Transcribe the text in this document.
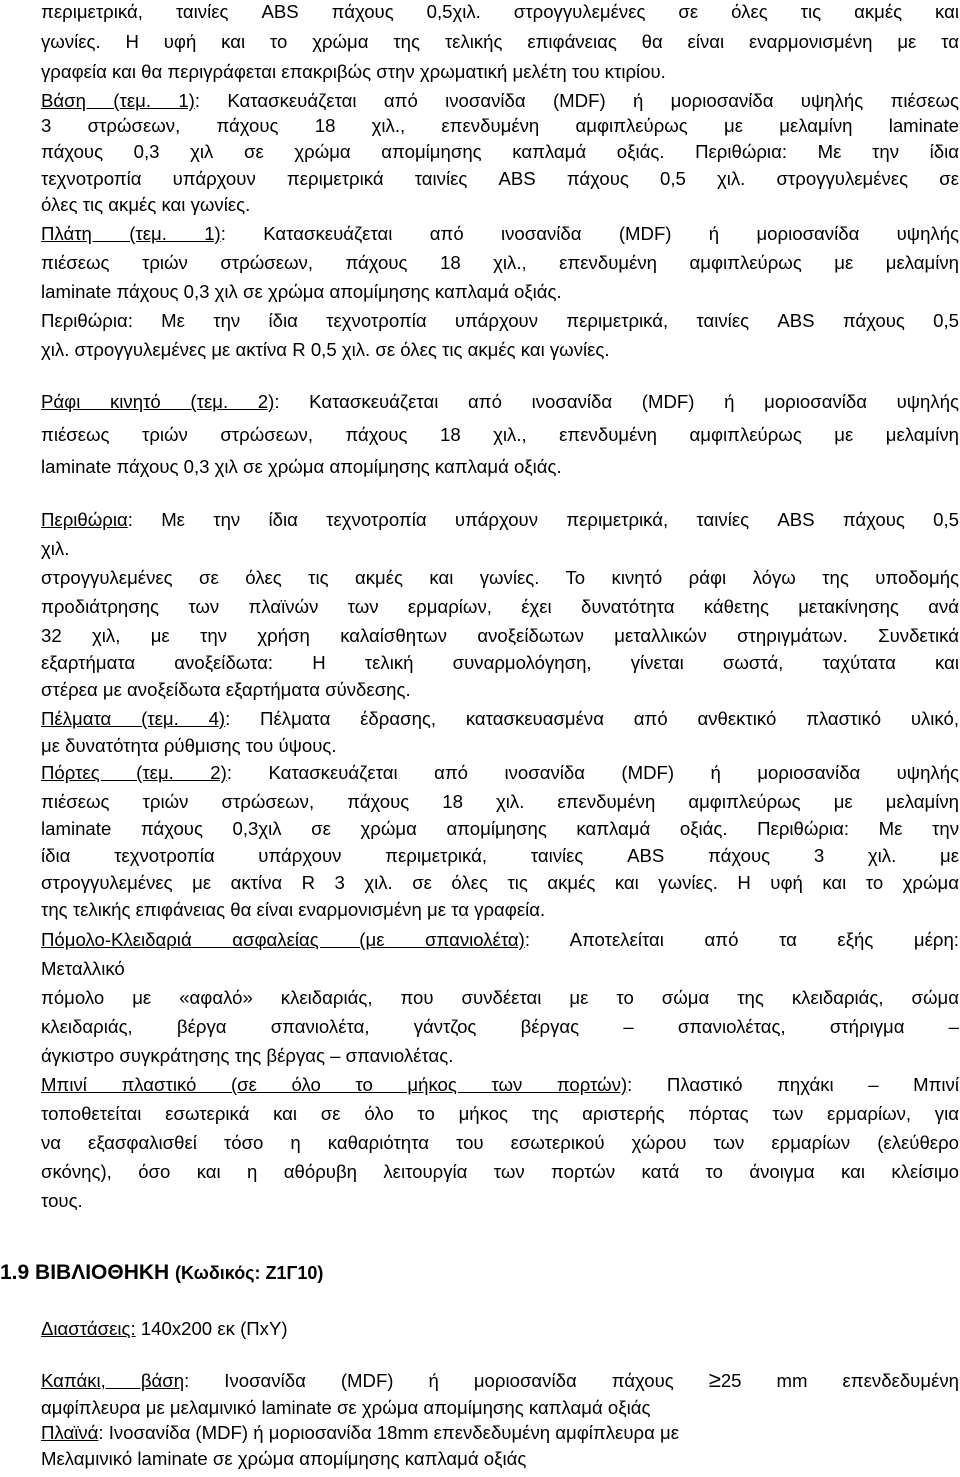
περιμετρικά, ταινίες ABS πάχους 0,5χιλ. στρογγυλεμένες σε όλες τις ακμές και
γωνίες. Η υφή και το χρώμα της τελικής επιφάνειας θα είναι εναρμονισμένη με τα
γραφεία και θα περιγράφεται επακριβώς στην χρωματική μελέτη του κτιρίου.
Βάση (τεμ. 1): Κατασκευάζεται από ινοσανίδα (MDF) ή μοριοσανίδα υψηλής πιέσεως
3 στρώσεων, πάχους 18 χιλ., επενδυμένη αμφιπλεύρως με μελαμίνη laminate
πάχους 0,3 χιλ σε χρώμα απομίμησης καπλαμά οξιάς. Περιθώρια: Με την ίδια
τεχνοτροπία υπάρχουν περιμετρικά ταινίες ABS πάχους 0,5 χιλ. στρογγυλεμένες σε
όλες τις ακμές και γωνίες.
Πλάτη (τεμ. 1): Κατασκευάζεται από ινοσανίδα (MDF) ή μοριοσανίδα υψηλής
πιέσεως τριών στρώσεων, πάχους 18 χιλ., επενδυμένη αμφιπλεύρως με μελαμίνη
laminate πάχους 0,3 χιλ σε χρώμα απομίμησης καπλαμά οξιάς.
Περιθώρια: Με την ίδια τεχνοτροπία υπάρχουν περιμετρικά, ταινίες ABS πάχους 0,5
χιλ. στρογγυλεμένες με ακτίνα R 0,5 χιλ. σε όλες τις ακμές και γωνίες.
Ράφι κινητό (τεμ. 2): Κατασκευάζεται από ινοσανίδα (MDF) ή μοριοσανίδα υψηλής
πιέσεως τριών στρώσεων, πάχους 18 χιλ., επενδυμένη αμφιπλεύρως με μελαμίνη
laminate πάχους 0,3 χιλ σε χρώμα απομίμησης καπλαμά οξιάς.
Περιθώρια: Με την ίδια τεχνοτροπία υπάρχουν περιμετρικά, ταινίες ABS πάχους 0,5
χιλ.
στρογγυλεμένες σε όλες τις ακμές και γωνίες. Το κινητό ράφι λόγω της υποδομής
προδιάτρησης των πλαϊνών των ερμαρίων, έχει δυνατότητα κάθετης μετακίνησης ανά
32 χιλ, με την χρήση καλαίσθητων ανοξείδωτων μεταλλικών στηριγμάτων. Συνδετικά
εξαρτήματα ανοξείδωτα: Η τελική συναρμολόγηση, γίνεται σωστά, ταχύτατα και
στέρεα με ανοξείδωτα εξαρτήματα σύνδεσης.
Πέλματα (τεμ. 4): Πέλματα έδρασης, κατασκευασμένα από ανθεκτικό πλαστικό υλικό,
με δυνατότητα ρύθμισης του ύψους.
Πόρτες (τεμ. 2): Κατασκευάζεται από ινοσανίδα (MDF) ή μοριοσανίδα υψηλής
πιέσεως τριών στρώσεων, πάχους 18 χιλ. επενδυμένη αμφιπλεύρως με μελαμίνη
laminate πάχους 0,3χιλ σε χρώμα απομίμησης καπλαμά οξιάς. Περιθώρια: Με την
ίδια τεχνοτροπία υπάρχουν περιμετρικά, ταινίες ABS πάχους 3 χιλ. με
στρογγυλεμένες με ακτίνα R 3 χιλ. σε όλες τις ακμές και γωνίες. Η υφή και το χρώμα
της τελικής επιφάνειας θα είναι εναρμονισμένη με τα γραφεία.
Πόμολο-Κλειδαριά ασφαλείας (με σπανιολέτα): Αποτελείται από τα εξής μέρη:
Μεταλλικό
πόμολο με «αφαλό» κλειδαριάς, που συνδέεται με το σώμα της κλειδαριάς, σώμα
κλειδαριάς, βέργα σπανιολέτα, γάντζος βέργας – σπανιολέτας, στήριγμα –
άγκιστρο συγκράτησης της βέργας – σπανιολέτας.
Μπινί πλαστικό (σε όλο το μήκος των πορτών): Πλαστικό πηχάκι – Μπινί
τοποθετείται εσωτερικά και σε όλο το μήκος της αριστερής πόρτας των ερμαρίων, για
να εξασφαλισθεί τόσο η καθαριότητα του εσωτερικού χώρου των ερμαρίων (ελεύθερο
σκόνης), όσο και η αθόρυβη λειτουργία των πορτών κατά το άνοιγμα και κλείσιμο
τους.
1.9 ΒΙΒΛΙΟΘΗΚΗ (Κωδικός: Ζ1Γ10)
Διαστάσεις: 140x200 εκ (ΠxΥ)
Καπάκι, βάση: Ινοσανίδα (MDF) ή μοριοσανίδα πάχους ≥25 mm επενδεδυμένη
αμφίπλευρα με μελαμινικό laminate σε χρώμα απομίμησης καπλαμά οξιάς
Πλαϊνά: Ινοσανίδα (MDF) ή μοριοσανίδα 18mm επενδεδυμένη αμφίπλευρα με
Μελαμινικό laminate σε χρώμα απομίμησης καπλαμά οξιάς
